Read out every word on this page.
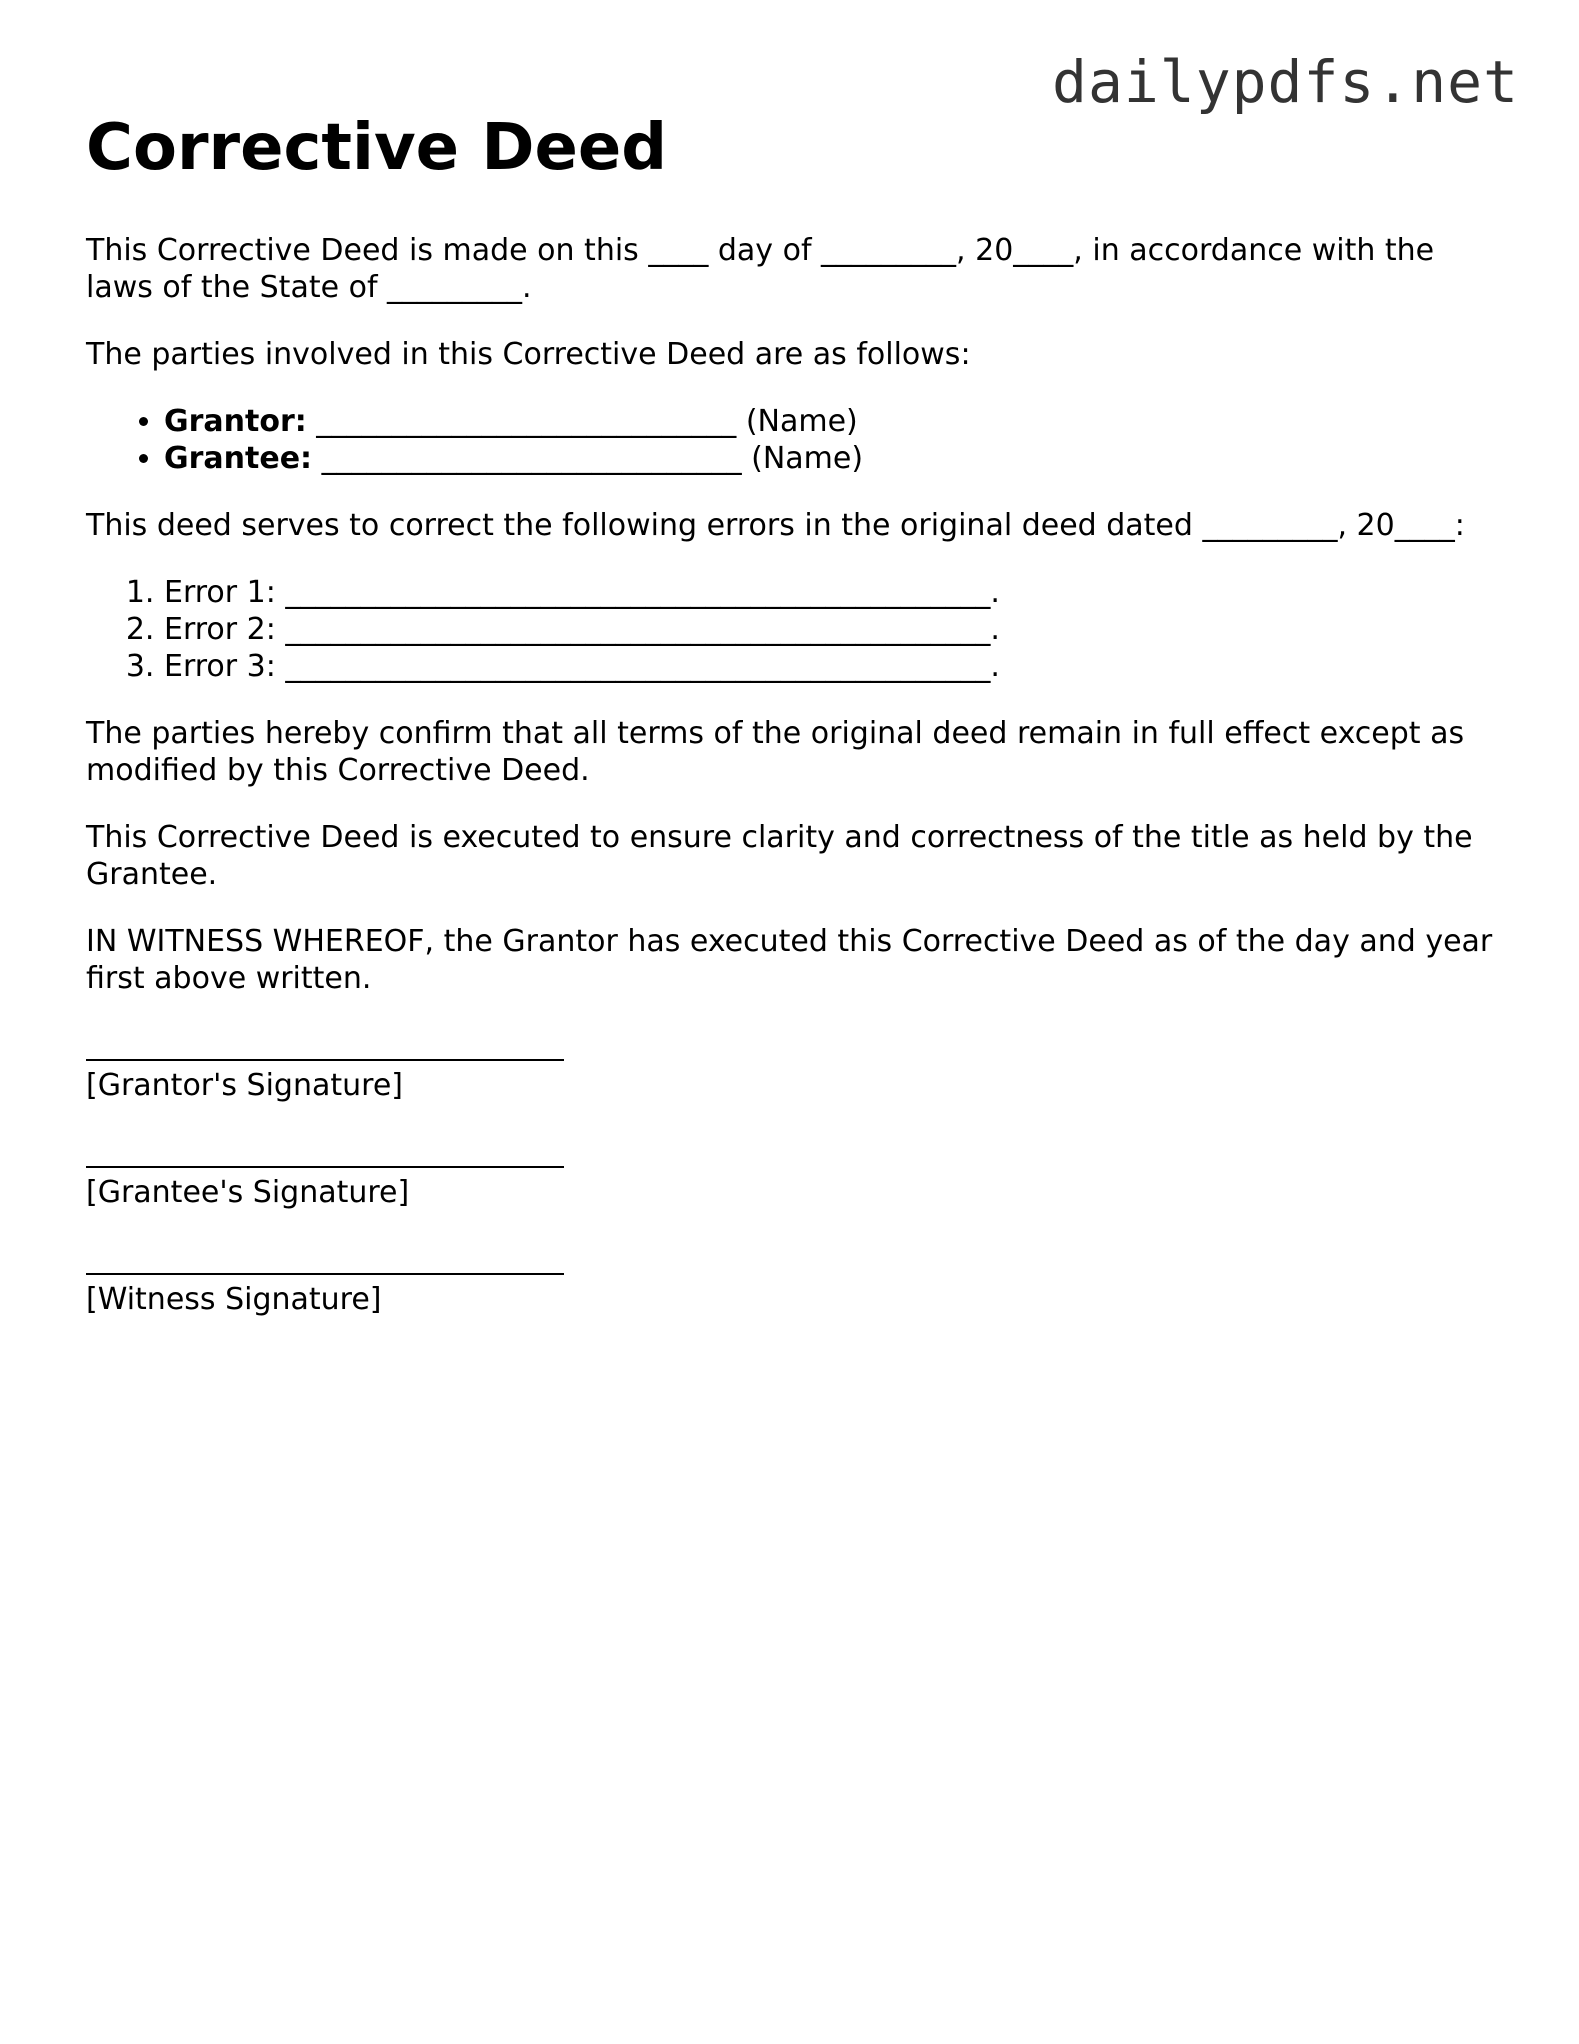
dailypdfs.net
Corrective Deed

This Corrective Deed is made on this ____ day of _________, 20____, in accordance with the laws of the State of _________.

The parties involved in this Corrective Deed are as follows:

• Grantor: ____________________________ (Name)
• Grantee: ____________________________ (Name)

This deed serves to correct the following errors in the original deed dated _________, 20____:

1. Error 1: _______________________________________________.
2. Error 2: _______________________________________________.
3. Error 3: _______________________________________________.

The parties hereby confirm that all terms of the original deed remain in full effect except as modified by this Corrective Deed.

This Corrective Deed is executed to ensure clarity and correctness of the title as held by the Grantee.

IN WITNESS WHEREOF, the Grantor has executed this Corrective Deed as of the day and year first above written.

[Grantor's Signature]
[Grantee's Signature]
[Witness Signature]
